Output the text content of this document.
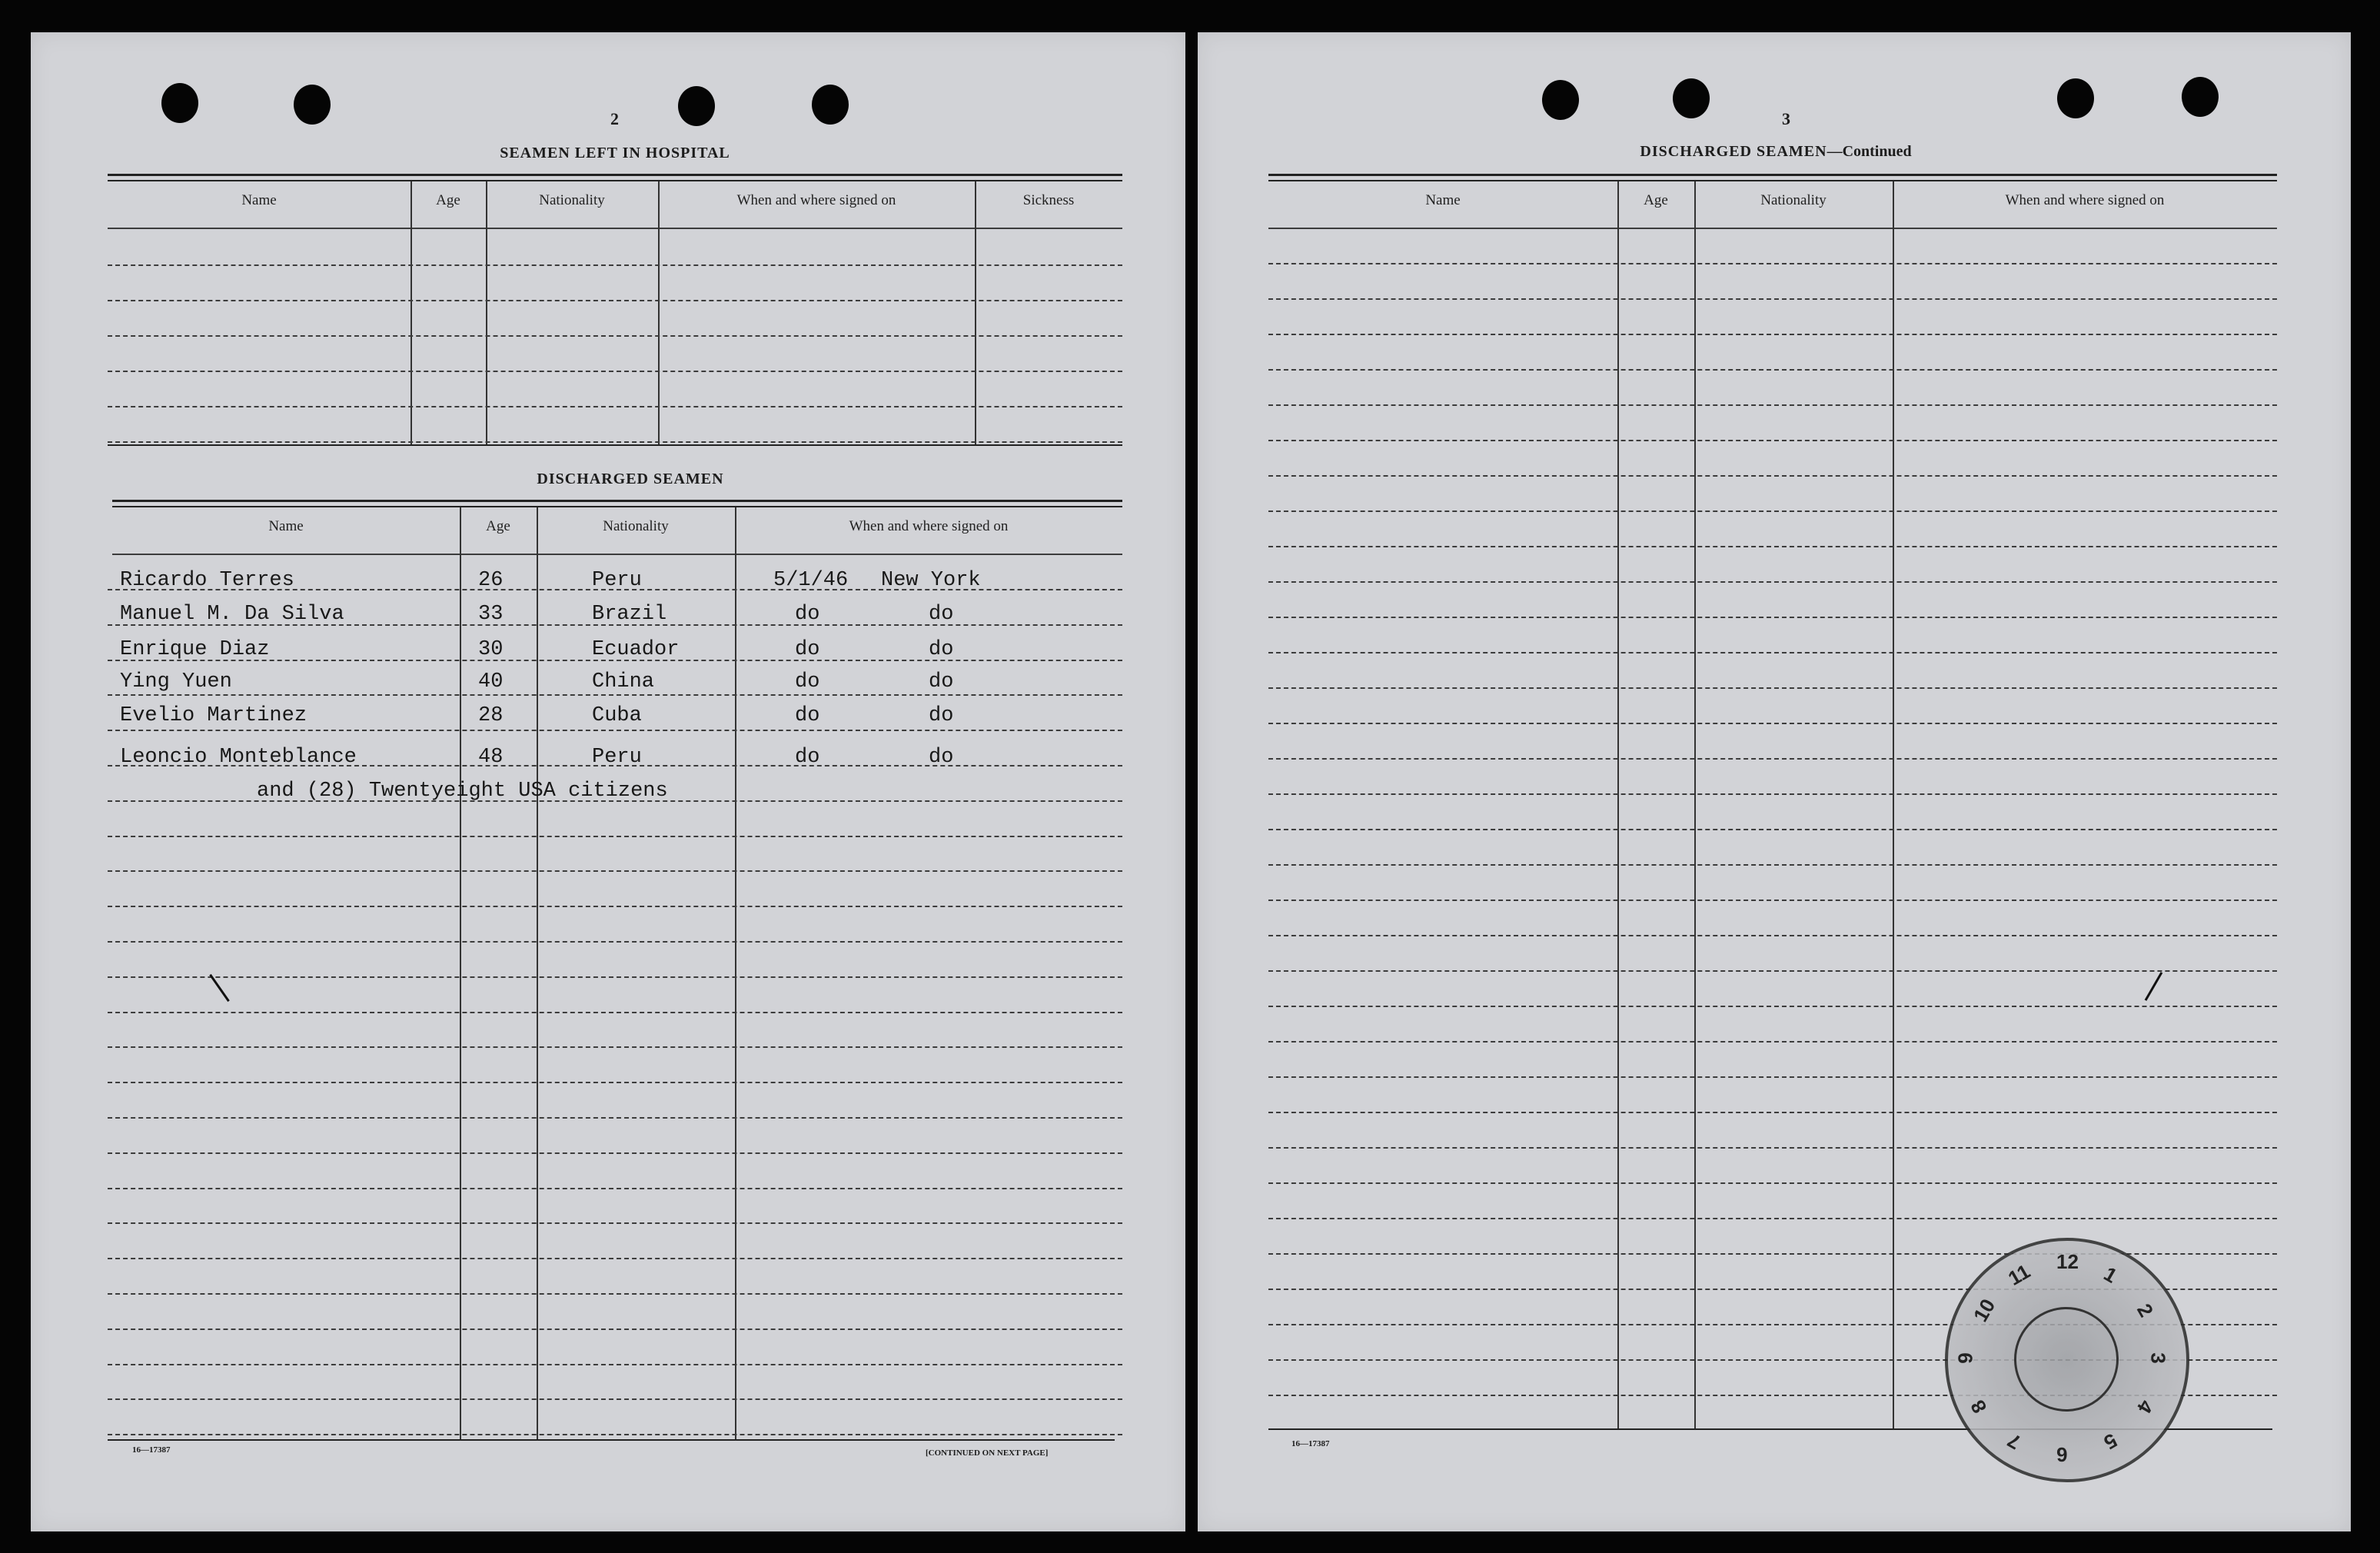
2
SEAMEN LEFT IN HOSPITAL
Name	Age	Nationality	When and where signed on	Sickness
DISCHARGED SEAMEN
Name	Age	Nationality	When and where signed on
Ricardo Terres	26	Peru	5/1/46 New York
Manuel M. Da Silva	33	Brazil	do	do
Enrique Diaz	30	Ecuador	do	do
Ying Yuen	40	China	do	do
Evelio Martinez	28	Cuba	do	do
Leoncio Monteblance	48	Peru	do	do
and (28) Twentyeight USA citizens
16—17387	[CONTINUED ON NEXT PAGE]
3
DISCHARGED SEAMEN—Continued
Name	Age	Nationality	When and where signed on
16—17387
1
2
3
4
5
6
7
8
9
10
11 12
